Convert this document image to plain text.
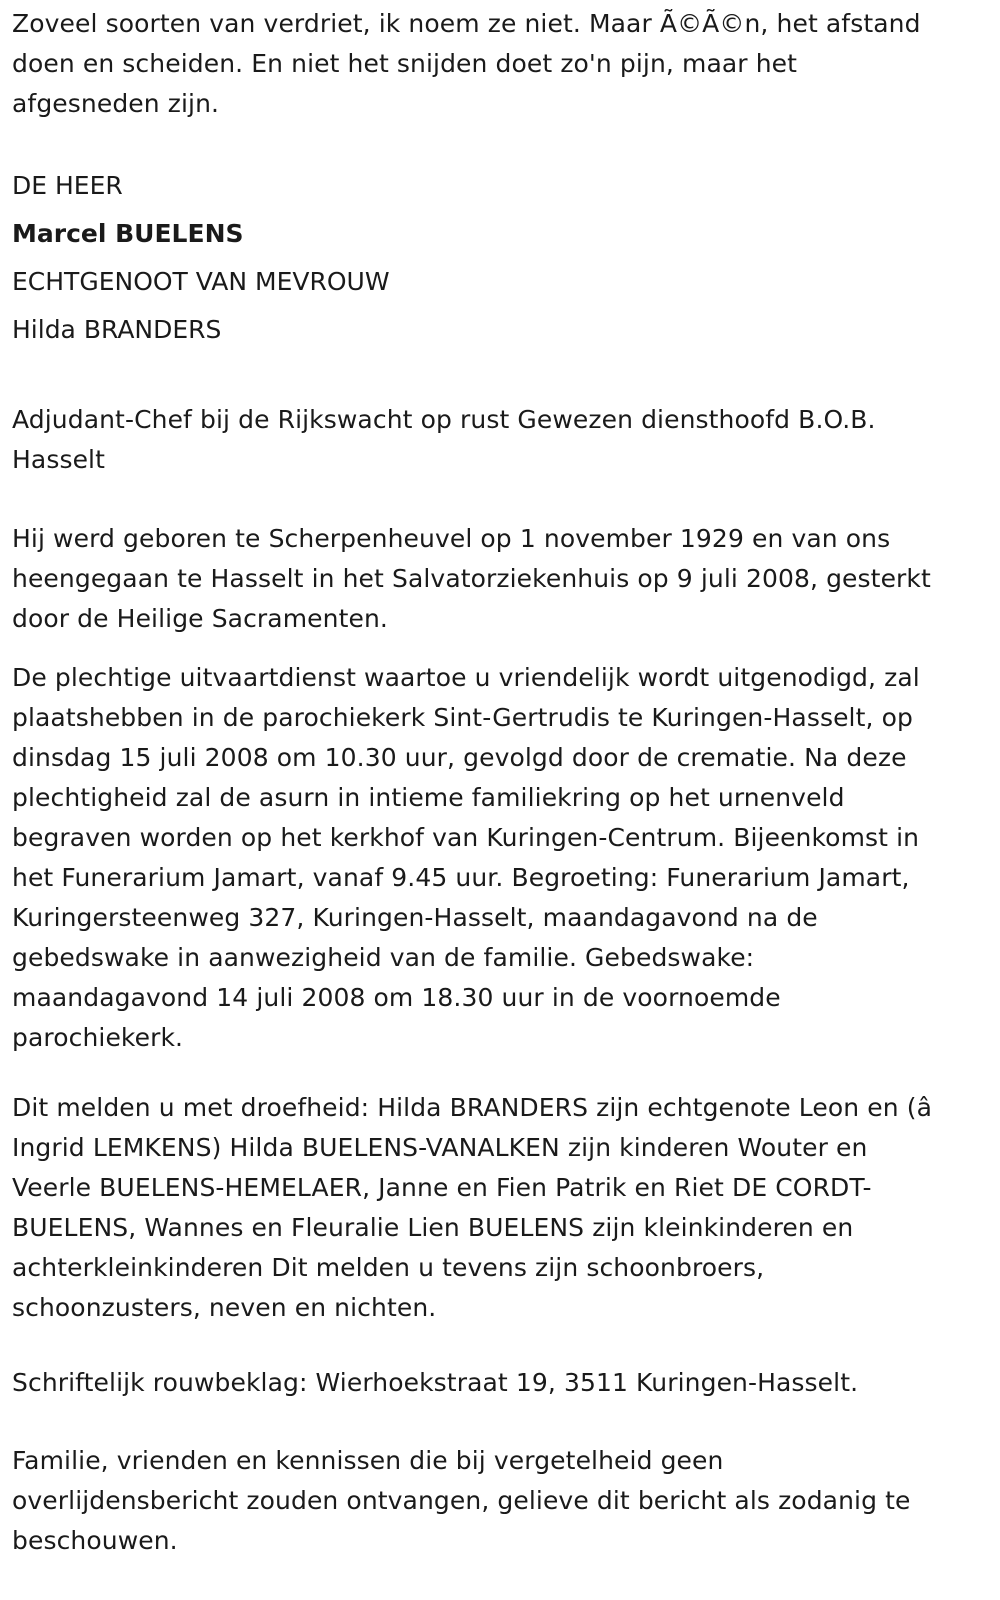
Zoveel soorten van verdriet, ik noem ze niet. Maar Ã©Ã©n, het afstand

doen en scheiden. En niet het snijden doet zo'n pijn, maar het

afgesneden zijn.

DE HEER

Marcel BUELENS

ECHTGENOOT VAN MEVROUW

Hilda BRANDERS

Adjudant-Chef bij de Rijkswacht op rust Gewezen diensthoofd B.O.B.

Hasselt

Hij werd geboren te Scherpenheuvel op 1 november 1929 en van ons

heengegaan te Hasselt in het Salvatorziekenhuis op 9 juli 2008, gesterkt

door de Heilige Sacramenten.

De plechtige uitvaartdienst waartoe u vriendelijk wordt uitgenodigd, zal

plaatshebben in de parochiekerk Sint-Gertrudis te Kuringen-Hasselt, op

dinsdag 15 juli 2008 om 10.30 uur, gevolgd door de crematie. Na deze

plechtigheid zal de asurn in intieme familiekring op het urnenveld

begraven worden op het kerkhof van Kuringen-Centrum. Bijeenkomst in

het Funerarium Jamart, vanaf 9.45 uur. Begroeting: Funerarium Jamart,

Kuringersteenweg 327, Kuringen-Hasselt, maandagavond na de

gebedswake in aanwezigheid van de familie. Gebedswake:

maandagavond 14 juli 2008 om 18.30 uur in de voornoemde

parochiekerk.

Dit melden u met droefheid: Hilda BRANDERS zijn echtgenote Leon en (â

Ingrid LEMKENS) Hilda BUELENS-VANALKEN zijn kinderen Wouter en

Veerle BUELENS-HEMELAER, Janne en Fien Patrik en Riet DE CORDT-

BUELENS, Wannes en Fleuralie Lien BUELENS zijn kleinkinderen en

achterkleinkinderen Dit melden u tevens zijn schoonbroers,

schoonzusters, neven en nichten.

Schriftelijk rouwbeklag: Wierhoekstraat 19, 3511 Kuringen-Hasselt.

Familie, vrienden en kennissen die bij vergetelheid geen

overlijdensbericht zouden ontvangen, gelieve dit bericht als zodanig te

beschouwen.
